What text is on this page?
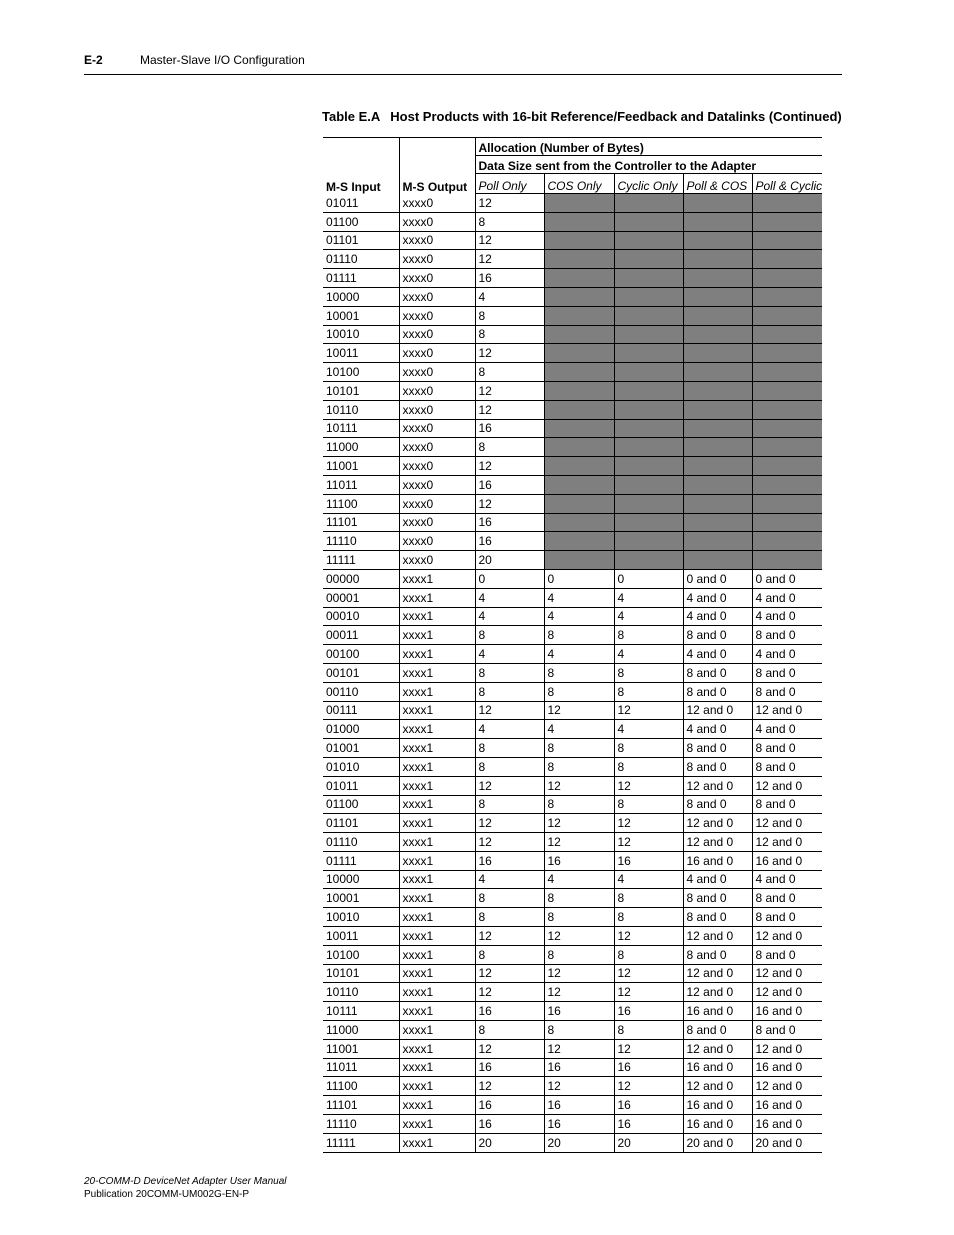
E-2	Master-Slave I/O Configuration
Table E.A Host Products with 16-bit Reference/Feedback and Datalinks (Continued)
M-S Input	M-S Output	Allocation (Number of Bytes)				
		Data Size sent from the Controller to the Adapter				
		Poll Only	COS Only	Cyclic Only	Poll & COS	Poll & Cyclic
01011	xxxx0	12				
01100	xxxx0	8				
01101	xxxx0	12				
01110	xxxx0	12				
01111	xxxx0	16				
10000	xxxx0	4				
10001	xxxx0	8				
10010	xxxx0	8				
10011	xxxx0	12				
10100	xxxx0	8				
10101	xxxx0	12				
10110	xxxx0	12				
10111	xxxx0	16				
11000	xxxx0	8				
11001	xxxx0	12				
11011	xxxx0	16				
11100	xxxx0	12				
11101	xxxx0	16				
11110	xxxx0	16				
11111	xxxx0	20				
00000	xxxx1	0	0	0	0 and 0	0 and 0
00001	xxxx1	4	4	4	4 and 0	4 and 0
00010	xxxx1	4	4	4	4 and 0	4 and 0
00011	xxxx1	8	8	8	8 and 0	8 and 0
00100	xxxx1	4	4	4	4 and 0	4 and 0
00101	xxxx1	8	8	8	8 and 0	8 and 0
00110	xxxx1	8	8	8	8 and 0	8 and 0
00111	xxxx1	12	12	12	12 and 0	12 and 0
01000	xxxx1	4	4	4	4 and 0	4 and 0
01001	xxxx1	8	8	8	8 and 0	8 and 0
01010	xxxx1	8	8	8	8 and 0	8 and 0
01011	xxxx1	12	12	12	12 and 0	12 and 0
01100	xxxx1	8	8	8	8 and 0	8 and 0
01101	xxxx1	12	12	12	12 and 0	12 and 0
01110	xxxx1	12	12	12	12 and 0	12 and 0
01111	xxxx1	16	16	16	16 and 0	16 and 0
10000	xxxx1	4	4	4	4 and 0	4 and 0
10001	xxxx1	8	8	8	8 and 0	8 and 0
10010	xxxx1	8	8	8	8 and 0	8 and 0
10011	xxxx1	12	12	12	12 and 0	12 and 0
10100	xxxx1	8	8	8	8 and 0	8 and 0
10101	xxxx1	12	12	12	12 and 0	12 and 0
10110	xxxx1	12	12	12	12 and 0	12 and 0
10111	xxxx1	16	16	16	16 and 0	16 and 0
11000	xxxx1	8	8	8	8 and 0	8 and 0
11001	xxxx1	12	12	12	12 and 0	12 and 0
11011	xxxx1	16	16	16	16 and 0	16 and 0
11100	xxxx1	12	12	12	12 and 0	12 and 0
11101	xxxx1	16	16	16	16 and 0	16 and 0
11110	xxxx1	16	16	16	16 and 0	16 and 0
11111	xxxx1	20	20	20	20 and 0	20 and 0
20-COMM-D DeviceNet Adapter User Manual
Publication 20COMM-UM002G-EN-P
